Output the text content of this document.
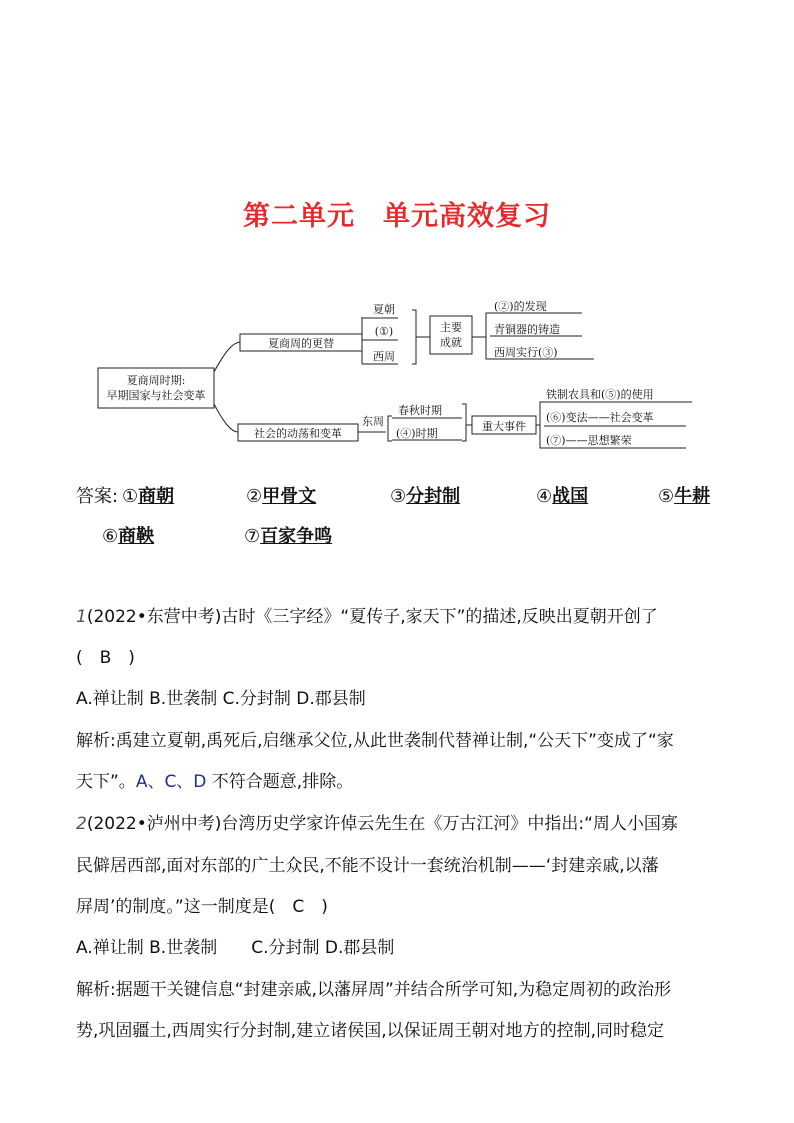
第二单元　单元高效复习
夏商周时期:
早期国家与社会变革
夏商周的更替
夏朝
(①)
西周
主要
成就
(②)的发现
青铜器的铸造
西周实行(③)
社会的动荡和变革
东周
春秋时期
(④)时期
重大事件
铁制农具和(⑤)的使用
(⑥)变法——社会变革
(⑦)——思想繁荣
答案: ①商朝	②甲骨文	③分封制	④战国	⑤牛耕
⑥商鞅	⑦百家争鸣
1(2022•东营中考)古时《三字经》“夏传子,家天下”的描述,反映出夏朝开创了
(　B　)
A.禅让制 B.世袭制 C.分封制 D.郡县制
解析:禹建立夏朝,禹死后,启继承父位,从此世袭制代替禅让制,“公天下”变成了“家
天下”。A、C、D 不符合题意,排除。
2(2022•泸州中考)台湾历史学家许倬云先生在《万古江河》中指出:“周人小国寡
民僻居西部,面对东部的广土众民,不能不设计一套统治机制——‘封建亲戚,以藩
屏周’的制度。”这一制度是(　C　)
A.禅让制 B.世袭制　　C.分封制 D.郡县制
解析:据题干关键信息“封建亲戚,以藩屏周”并结合所学可知,为稳定周初的政治形
势,巩固疆土,西周实行分封制,建立诸侯国,以保证周王朝对地方的控制,同时稳定
